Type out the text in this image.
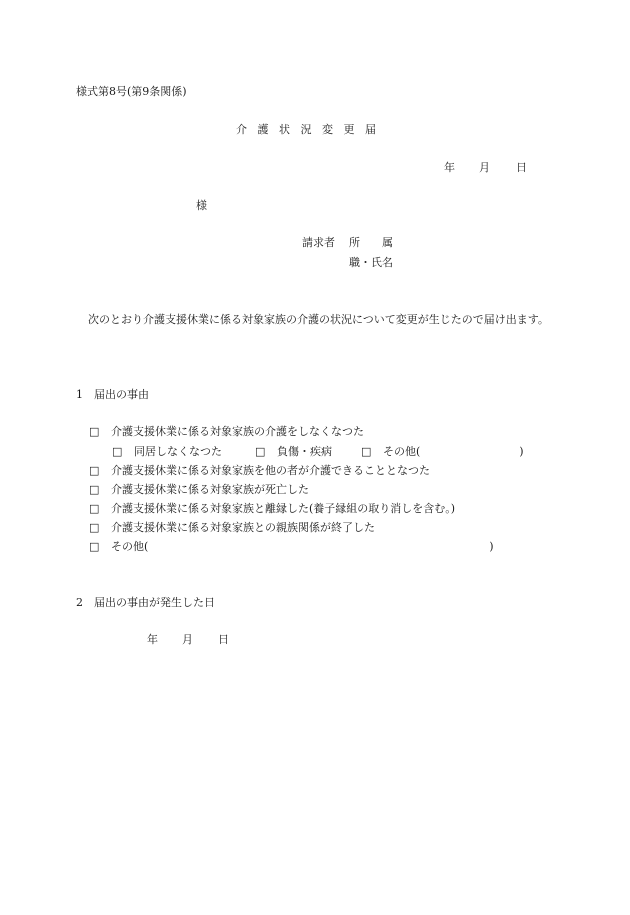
様式第8号(第9条関係)
介護状況変更届
年 月 日
様
請求者 所　　属
職・氏名
次のとおり介護支援休業に係る対象家族の介護の状況について変更が生じたので届け出ます。
1　届出の事由
□ 介護支援休業に係る対象家族の介護をしなくなつた
□ 同居しなくなつた	□ 負傷・疾病	□ その他(　　　　　　　　　)
□ 介護支援休業に係る対象家族を他の者が介護できることとなつた
□ 介護支援休業に係る対象家族が死亡した
□ 介護支援休業に係る対象家族と離縁した(養子縁組の取り消しを含む。)
□ 介護支援休業に係る対象家族との親族関係が終了した
□ その他(　　　　　　　　　　　　　　　　　　　　　　　　　　　　　　　)
2　届出の事由が発生した日
年 月 日
